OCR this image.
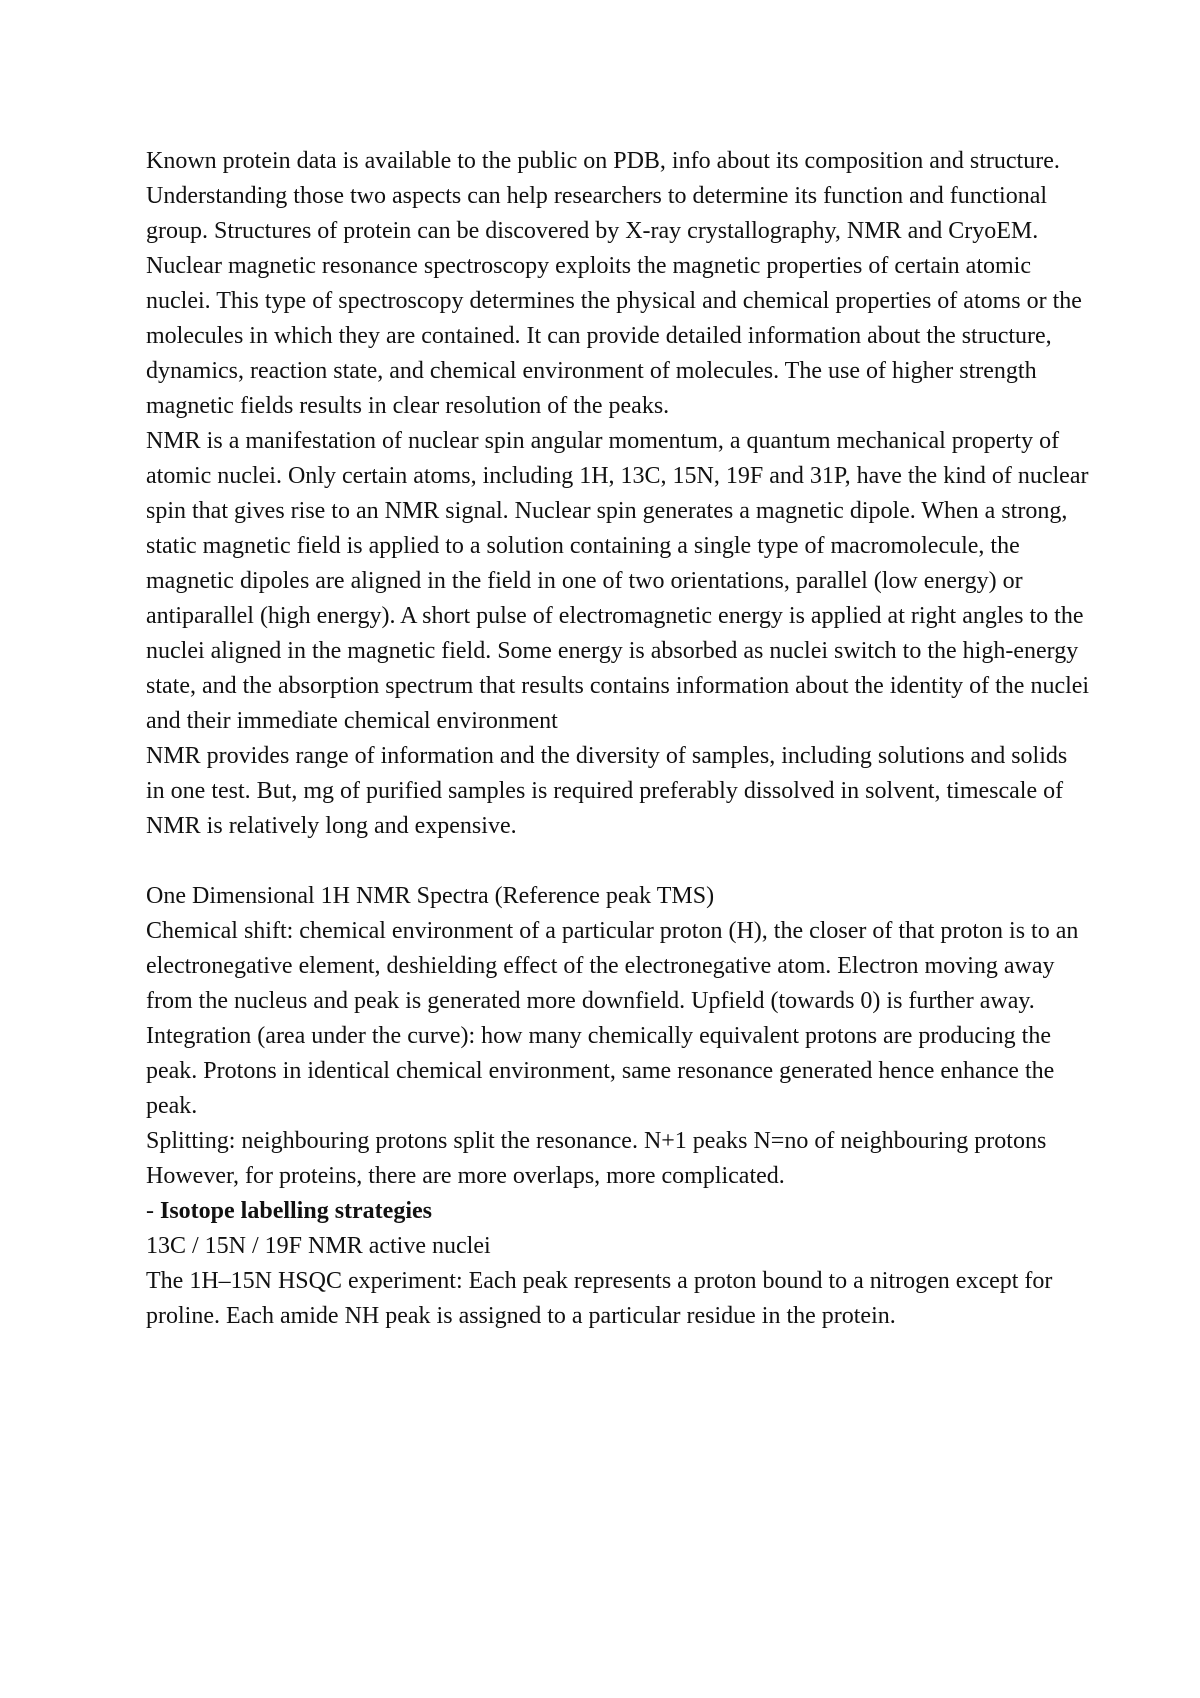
Known protein data is available to the public on PDB, info about its composition and structure. Understanding those two aspects can help researchers to determine its function and functional group. Structures of protein can be discovered by X-ray crystallography, NMR and CryoEM.

Nuclear magnetic resonance spectroscopy exploits the magnetic properties of certain atomic nuclei. This type of spectroscopy determines the physical and chemical properties of atoms or the molecules in which they are contained. It can provide detailed information about the structure, dynamics, reaction state, and chemical environment of molecules. The use of higher strength magnetic fields results in clear resolution of the peaks.

NMR is a manifestation of nuclear spin angular momentum, a quantum mechanical property of atomic nuclei. Only certain atoms, including 1H, 13C, 15N, 19F and 31P, have the kind of nuclear spin that gives rise to an NMR signal. Nuclear spin generates a magnetic dipole. When a strong, static magnetic field is applied to a solution containing a single type of macromolecule, the magnetic dipoles are aligned in the field in one of two orientations, parallel (low energy) or antiparallel (high energy). A short pulse of electromagnetic energy is applied at right angles to the nuclei aligned in the magnetic field. Some energy is absorbed as nuclei switch to the high-energy state, and the absorption spectrum that results contains information about the identity of the nuclei and their immediate chemical environment

NMR provides range of information and the diversity of samples, including solutions and solids in one test. But, mg of purified samples is required preferably dissolved in solvent, timescale of NMR is relatively long and expensive.

One Dimensional 1H NMR Spectra (Reference peak TMS)

Chemical shift: chemical environment of a particular proton (H), the closer of that proton is to an electronegative element, deshielding effect of the electronegative atom. Electron moving away from the nucleus and peak is generated more downfield. Upfield (towards 0) is further away.

Integration (area under the curve): how many chemically equivalent protons are producing the peak. Protons in identical chemical environment, same resonance generated hence enhance the peak.

Splitting: neighbouring protons split the resonance. N+1 peaks N=no of neighbouring protons

However, for proteins, there are more overlaps, more complicated.

- Isotope labelling strategies

13C / 15N / 19F NMR active nuclei

The 1H–15N HSQC experiment: Each peak represents a proton bound to a nitrogen except for proline. Each amide NH peak is assigned to a particular residue in the protein.
